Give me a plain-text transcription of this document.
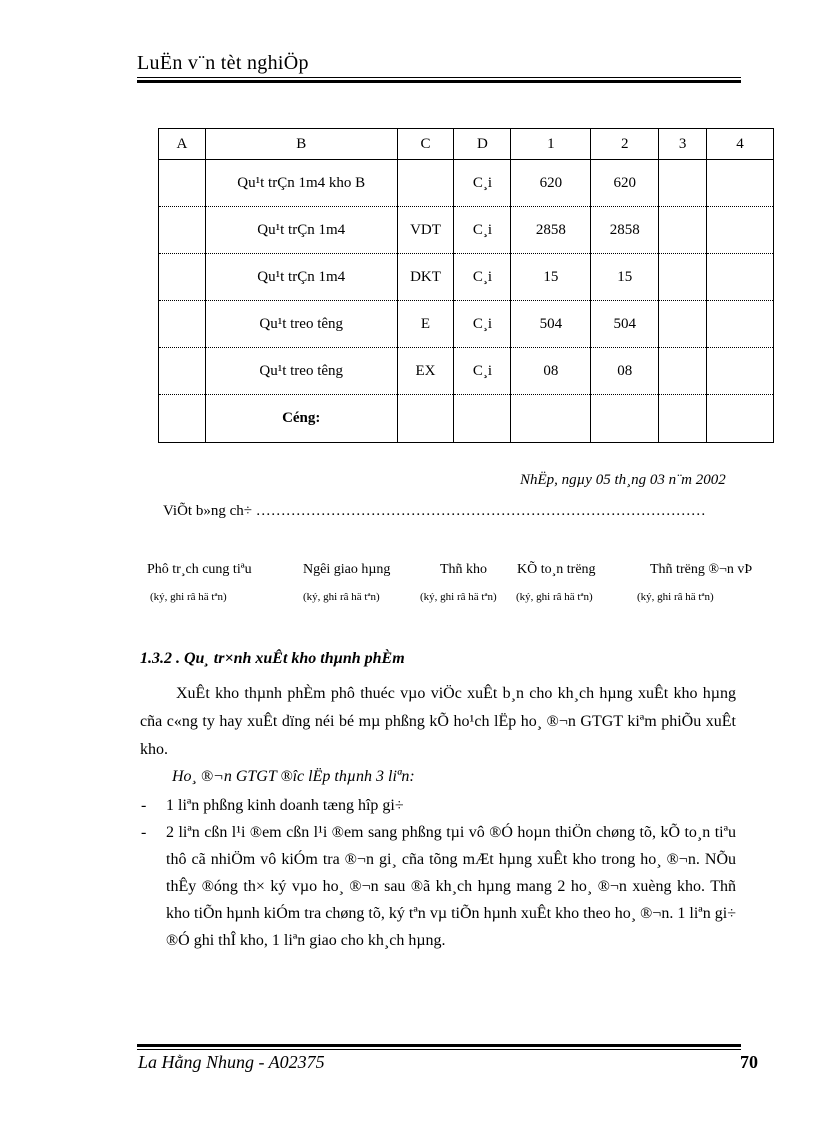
LuËn v¨n tèt nghiÖp
A	B	C	D	1	2	3	4
	Qu¹t trÇn 1m4 kho B		C¸i	620	620		
	Qu¹t trÇn 1m4	VDT	C¸i	2858	2858		
	Qu¹t trÇn 1m4	DKT	C¸i	15	15		
	Qu¹t treo têng	E	C¸i	504	504		
	Qu¹t treo têng	EX	C¸i	08	08		
	Céng:						
NhËp, ngµy 05 th¸ng 03 n¨m 2002
ViÕt b»ng ch÷ ………………………………………………………………………………
Phô tr¸ch cung tiªu	Ngêi giao hµng	Thñ kho KÕ to¸n trëng	Thñ trëng ®¬n vÞ
(ký, ghi râ hä tªn)	(ký, ghi râ hä tªn)	(ký, ghi râ hä tªn) (ký, ghi râ hä tªn)	(ký, ghi râ hä tªn)
1.3.2 . Qu¸ tr×nh xuÊt kho thµnh phÈm
XuÊt kho thµnh phÈm phô thuéc vµo viÖc xuÊt b¸n cho kh¸ch hµng xuÊt kho hµng cña c«ng ty hay xuÊt dïng néi bé mµ phßng kÕ ho¹ch lËp ho¸ ®¬n GTGT kiªm phiÕu xuÊt kho.
Ho¸ ®¬n GTGT ®îc lËp thµnh 3 liªn:
- 1 liªn phßng kinh doanh tæng hîp gi÷
- 2 liªn cßn l¹i ®em cßn l¹i ®em sang phßng tµi vô ®Ó hoµn thiÖn chøng tõ, kÕ to¸n tiªu thô cã nhiÖm vô kiÓm tra ®¬n gi¸ cña tõng mÆt hµng xuÊt kho trong ho¸ ®¬n. NÕu thÊy ®óng th× ký vµo ho¸ ®¬n sau ®ã kh¸ch hµng mang 2 ho¸ ®¬n xuèng kho. Thñ kho tiÕn hµnh kiÓm tra chøng tõ, ký tªn vµ tiÕn hµnh xuÊt kho theo ho¸ ®¬n. 1 liªn gi÷ ®Ó ghi thÎ kho, 1 liªn giao cho kh¸ch hµng.
La Hằng Nhung - A02375	70
